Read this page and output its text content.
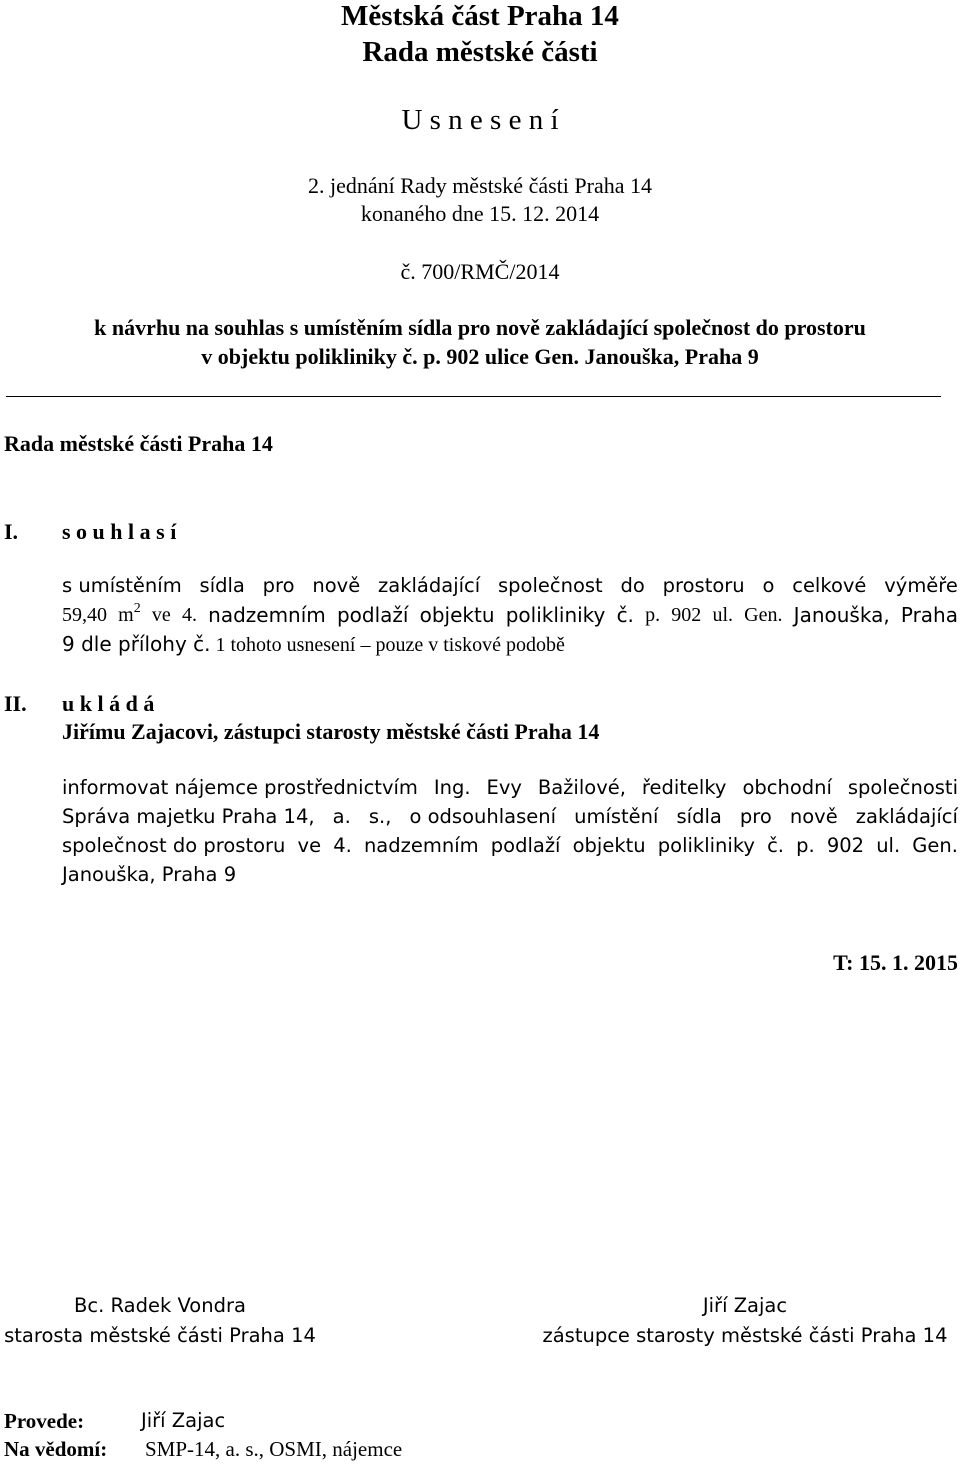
Městská část Praha 14
Rada městské části
U s n e s e n í
2. jednání Rady městské části Praha 14
konaného dne 15. 12. 2014
č. 700/RMČ/2014
k návrhu na souhlas s umístěním sídla pro nově zakládající společnost do prostoru
v objektu polikliniky č. p. 902 ulice Gen. Janouška, Praha 9
Rada městské části Praha 14
I. s o u h l a s í
s umístěním sídla pro nově zakládající společnost do prostoru o celkové výměře
59,40 $m^2$ ve 4. nadzemním podlaží objektu polikliniky č. p. 902 ul. Gen. Janouška, Praha
9 dle přílohy č. 1 tohoto usnesení – pouze v tiskové podobě
II. u k l á d á
Jiřímu Zajacovi, zástupci starosty městské části Praha 14
informovat nájemce prostřednictvím Ing. Evy Bažilové, ředitelky obchodní společnosti
Správa majetku Praha 14, a. s., o odsouhlasení umístění sídla pro nově zakládající
společnost do prostoru ve 4. nadzemním podlaží objektu polikliniky č. p. 902 ul. Gen.
Janouška, Praha 9
T: 15. 1. 2015
Bc. Radek Vondra
starosta městské části Praha 14
Jiří Zajac
zástupce starosty městské části Praha 14
Provede:	Jiří Zajac
Na vědomí: SMP-14, a. s., OSMI, nájemce
